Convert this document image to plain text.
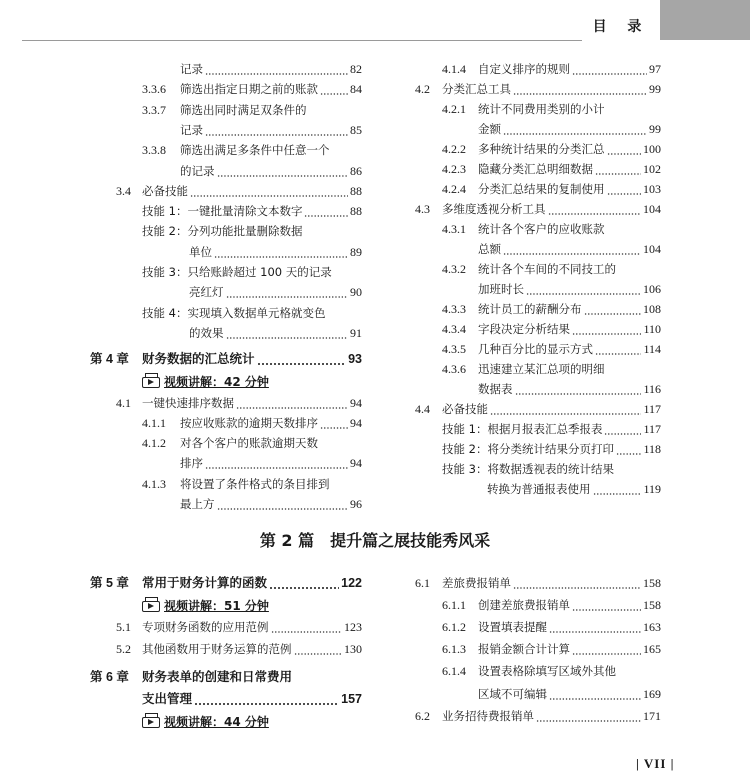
目 录
记录	82
3.3.6 筛选出指定日期之前的账款	84
3.3.7 筛选出同时满足双条件的
记录	85
3.3.8 筛选出满足多条件中任意一个
的记录	86
3.4 必备技能	88
技能 1：一键批量清除文本数字	88
技能 2：分列功能批量删除数据
单位	89
技能 3：只给账龄超过 100 天的记录
亮红灯	90
技能 4：实现填入数据单元格就变色
的效果	91
第 4 章 财务数据的汇总统计	93
视频讲解：42 分钟
4.1 一键快速排序数据	94
4.1.1 按应收账款的逾期天数排序	94
4.1.2 对各个客户的账款逾期天数
排序	94
4.1.3 将设置了条件格式的条目排到
最上方	96
4.1.4 自定义排序的规则	97
4.2 分类汇总工具	99
4.2.1 统计不同费用类别的小计
金额	99
4.2.2 多种统计结果的分类汇总	100
4.2.3 隐藏分类汇总明细数据	102
4.2.4 分类汇总结果的复制使用	103
4.3 多维度透视分析工具	104
4.3.1 统计各个客户的应收账款
总额	104
4.3.2 统计各个车间的不同技工的
加班时长	106
4.3.3 统计员工的薪酬分布	108
4.3.4 字段决定分析结果	110
4.3.5 几种百分比的显示方式	114
4.3.6 迅速建立某汇总项的明细
数据表	116
4.4 必备技能	117
技能 1：根据月报表汇总季报表	117
技能 2：将分类统计结果分页打印 118
技能 3：将数据透视表的统计结果
转换为普通报表使用	119
第 5 章 常用于财务计算的函数	122
视频讲解：51 分钟
5.1 专项财务函数的应用范例	123
5.2 其他函数用于财务运算的范例	130
第 6 章 财务表单的创建和日常费用
支出管理	157
视频讲解：44 分钟
6.1 差旅费报销单	158
6.1.1 创建差旅费报销单	158
6.1.2 设置填表提醒	163
6.1.3 报销金额合计计算	165
6.1.4 设置表格除填写区域外其他
区域不可编辑	169
6.2 业务招待费报销单	171
第 2 篇　提升篇之展技能秀风采
| VII |
